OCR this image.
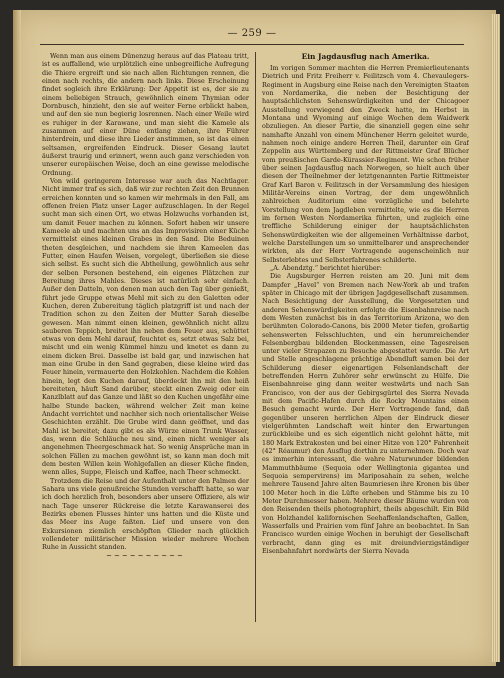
— 259 —

Wenn man aus einem Dünenzug heraus auf das Plateau tritt, ist es auffallend, wie urplötzlich eine unbegreifliche Aufregung die Thiere ergreift und sie nach allen Richtungen rennen, die einen nach rechts, die andern nach links. Diese Erscheinung findet sogleich ihre Erklärung: Der Appetit ist es, der sie zu einem beliebigen Strauch, gewöhnlich einem Thymian oder Dornbusch, hinzieht, den sie auf weiter Ferne erblickt haben, und auf den sie nun begierig losrennen. Nach einer Weile wird es ruhiger in der Karawane, und man sieht die Kamele als zusammen auf einer Düne entlang ziehen, ihre Führer hinterdrein, und diese ihre Lieder anstimmen, so ist das einen seltsamen, ergreifenden Eindruck. Dieser Gesang lautet äußerst traurig und erinnert, wenn auch ganz verschieden von unserer europäischen Weise, doch an eine gewisse melodische Ordnung.

Von wild geringerem Interesse war auch das Nachtlager. Nicht immer traf es sich, daß wir zur rechten Zeit den Brunnen erreichen konnten und so kamen wir mehrmals in den Fall, am offenen freien Platz unser Lager aufzuschlagen. In der Regel sucht man sich einen Ort, wo etwas Holzwuchs vorhanden ist, um damit Feuer machen zu können. Sofort haben wir unsere Kameele ab und machten uns an das Improvisiren einer Küche vermittelst eines kleinen Grabes in den Sand. Die Beduinen theten desgleichen, und nachdem sie ihren Kameelen das Futter, einen Haufen Weisen, vorgelegt, überließen sie diese sich selbst. Es sucht sich die Abtheilung, gewöhnlich aus sehr der selben Personen bestehend, ein eigenes Plätzchen zur Bereitung ihres Mahles. Dieses ist natürlich sehr einfach. Außer den Datteln, von denen man auch den Tag über genießt, führt jede Gruppe etwas Mehl mit sich zu den Galetten oder Kuchen, deren Zubereitung täglich platzgriff ist und nach der Tradition schon zu den Zeiten der Mutter Sarah dieselbe gewesen. Man nimmt einen kleinen, gewöhnlich nicht allzu sauberen Teppich, breitet ihn neben dem Feuer aus, schüttet etwas von dem Mehl darauf, feuchtet es, setzt etwas Salz bei, mischt und ein wenig Kümmel hinzu und knetet es dann zu einem dicken Brei. Dasselbe ist bald gar, und inzwischen hat man eine Grube in den Sand gegraben, diese kleine wird das Feuer hinein, vermauerte den Holzkohlen. Nachdem die Kohlen hinein, legt den Kuchen darauf, überdeckt ihn mit den heiß bereiteten, häuft Sand darüber, steckt einen Zweig oder ein Kanzlblatt auf das Ganze und läßt so den Kuchen ungefähr eine halbe Stunde backen, während welcher Zeit man keine Andacht verrichtet und nachher sich noch orientalischer Weise Geschichten erzählt. Die Grube wird dann geöffnet, und das Mahl ist bereitet; dazu gibt es als Würze einen Trunk Wasser, das, wenn die Schläuche neu sind, einen nicht weniger als angenehmen Theergeschmack hat. So wenig Ansprüche man in solchen Fällen zu machen gewöhnt ist, so kann man doch mit dem besten Willen kein Wohlgefallen an dieser Küche finden, wenn alles, Suppe, Fleisch und Kaffee, nach Theer schmeckt.

Trotzdem die Reise und der Aufenthalt unter den Palmen der Sahara uns viele genußreiche Stunden verschafft hatte, so war ich doch herzlich froh, besonders aber unsere Offiziere, als wir nach Tage unserer Rückreise die letzte Karawanserei des Bezirks ebenen Flusses hinter uns hatten und die Küste und das Meer ins Auge faßten. Lief und unsere von den Exkursionen ziemlich erschöpften Glieder nach glücklich vollendeter militärischer Mission wieder mehrere Wochen Ruhe in Aussicht standen.

~~~~~~~~~~

Ein Jagdausflug nach Amerika.

Im vorigen Sommer machten die Herren Premierlieutenants Dietrich und Fritz Freiherr v. Feilitzsch vom 4. Chevaulegers-Regiment in Augsburg eine Reise nach den Vereinigten Staaten von Nordamerika, die neben der Besichtigung der hauptsächlichsten Sehenswürdigkeiten und der Chicagoer Ausstellung vorwiegend den Zweck hatte, im Herbst in Montana und Wyoming auf einige Wochen dem Waidwerk obzuliegen. An dieser Partie, die sinanziell gegen eine sehr namhafte Anzahl von einem Münchener Herrn geleitet wurde, nahmen noch einige andere Herren Theil, darunter ein Graf Zeppelin aus Württemberg und der Rittmeister Graf Blücher vom preußischen Garde-Kürassier-Regiment. Wie schon früher über seinen Jagdausflug nach Norwegen, so hielt auch über diesen der Theilnehmer der letztgenannten Partie Rittmeister Graf Karl Baron v. Feilitzsch in der Versammlung des hiesigen Militär-Vereins einen Vortrag, der dem ungewöhnlich zahlreichen Auditorium eine vorzügliche und belehrte Vorstellung von dem Jagdleben vermittelte, wie es die Herren im fernen Westen Nordamerika führten, und zugleich eine treffliche Schilderung einiger der hauptsächlichsten Sehenswürdigkeiten wie der allgemeinen Verhältnisse darbot, welche Darstellungen um so unmittelbarer und ansprechender wirkten, als der Herr Vortragende augenscheinlich nur Selbsterlebtes und Selbsterfahrenes schilderte.

„A. Abendztg.“ berichtet hierüber:

Die Augsburger Herren reisten am 20. Juni mit dem Dampfer „Havel“ von Bremen nach New-York ab und trafen später in Chicago mit der übrigen Jagdgesellschaft zusammen. Nach Besichtigung der Ausstellung, die Vorgesetzten und anderen Sehenswürdigkeiten erfolgte die Eisenbahnreise nach dem Westen zunächst bis in das Territorium Arizona, wo den berühmten Colorado-Canons, bis 2000 Meter tiefen, großartig sehenswerten Felsschluchten, und ein herumreichender Felsenbergbau bildenden Blockenmassen, eine Tagesreisen unter vieler Strapazen zu Besuche abgestattet wurde. Die Art und Stelle angeschlagene prächtige Abendluft samen bei der Schilderung dieser eigenartigen Felsenlandschaft der betreffenden Herrn Zuhörer sehr erwünscht zu Hülfe. Die Eisenbahnreise ging dann weiter westwärts und nach San Francisco, von der aus der Gebirgsgürtel des Sierra Nevada mit dem Pacific-Hafen durch die Rocky Mountains einen Besuch gemacht wurde. Der Herr Vortragende fand, daß gegenüber unseren herrlichen Alpen der Eindruck dieser vielgerühmten Landschaft weit hinter den Erwartungen zurückbleibe und es sich eigentlich nicht gelohnt hätte, mit 180 Mark Extrakosten und bei einer Hitze von 120° Fahrenheit (42° Réaumur) den Ausflug dorthin zu unternehmen. Doch war es immerhin interessant, die wahre Naturwunder bildenden Mammuthbäume (Sequoia oder Wellingtonia gigantea und Sequoia sempervirens) im Mariposahain zu sehen, welche mehrere Tausend Jahre alten Baumriesen ihre Kronen bis über 100 Meter hoch in die Lüfte erheben und Stämme bis zu 10 Meter Durchmesser haben. Mehrere dieser Bäume wurden von den Reisenden theils photographirt, theils abgeschilt. Ein Bild von Holzhandel kalifornischen Seehaffenlandschaften, Gallen, Wasserfalls und Prairien vom fünf Jahre an beobachtet. In San Francisco wurden einige Wochen in beruhigt der Gesellschaft verbracht, dann ging es mit dreiundvierzigständiger Eisenbahnfahrt nordwärts der Sierra Nevada
